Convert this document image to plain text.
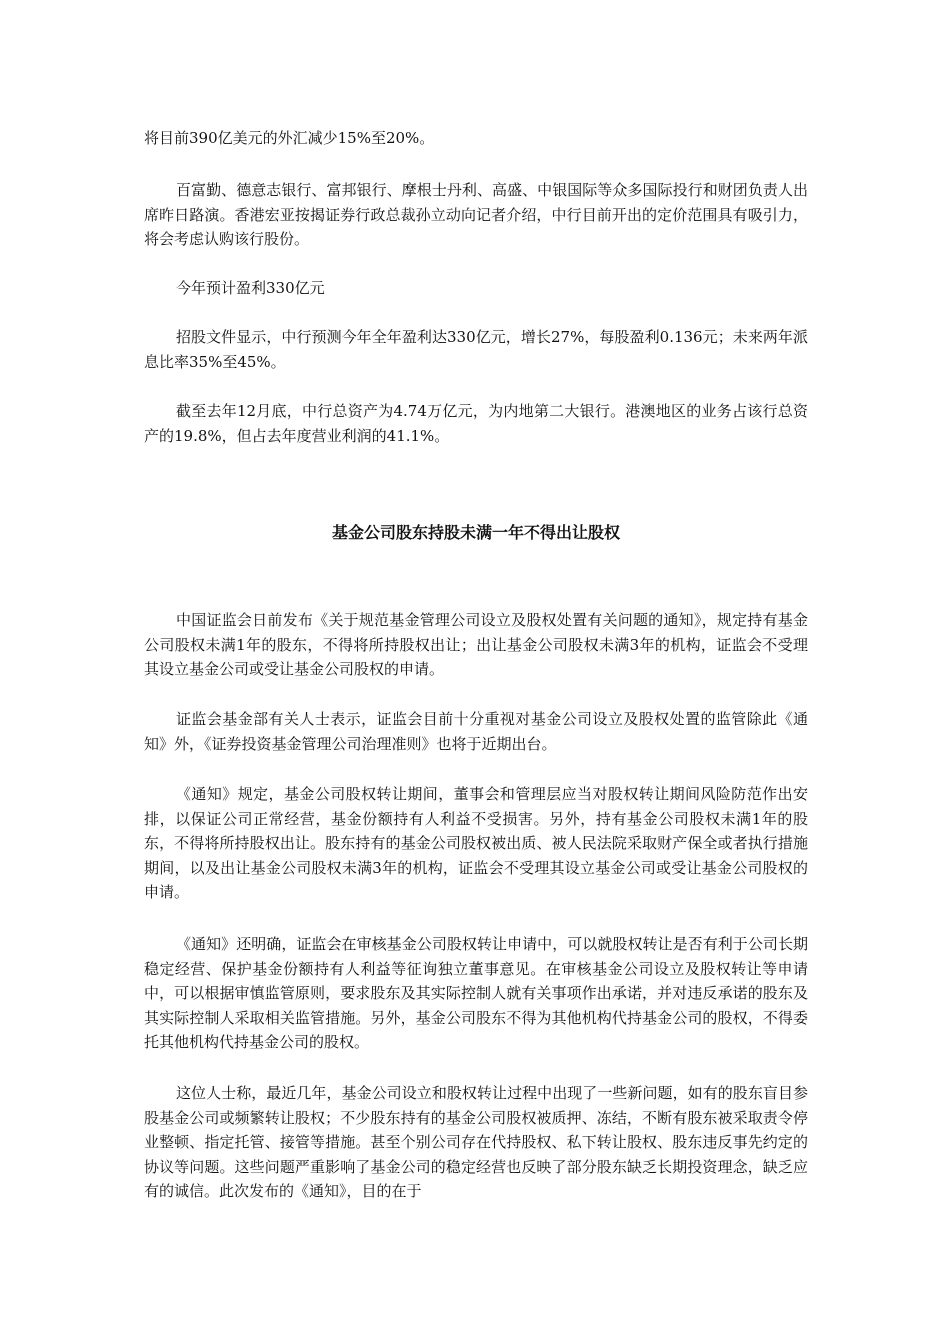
将目前390亿美元的外汇减少15%至20%。

百富勤、德意志银行、富邦银行、摩根士丹利、高盛、中银国际等众多国际投行和财团负责人出席昨日路演。香港宏亚按揭证券行政总裁孙立动向记者介绍，中行目前开出的定价范围具有吸引力，将会考虑认购该行股份。

今年预计盈利330亿元

招股文件显示，中行预测今年全年盈利达330亿元，增长27%，每股盈利0.136元；未来两年派息比率35%至45%。

截至去年12月底，中行总资产为4.74万亿元，为内地第二大银行。港澳地区的业务占该行总资产的19.8%，但占去年度营业利润的41.1%。

基金公司股东持股未满一年不得出让股权

中国证监会日前发布《关于规范基金管理公司设立及股权处置有关问题的通知》，规定持有基金公司股权未满1年的股东，不得将所持股权出让；出让基金公司股权未满3年的机构，证监会不受理其设立基金公司或受让基金公司股权的申请。

证监会基金部有关人士表示，证监会目前十分重视对基金公司设立及股权处置的监管除此《通知》外，《证券投资基金管理公司治理准则》也将于近期出台。

《通知》规定，基金公司股权转让期间，董事会和管理层应当对股权转让期间风险防范作出安排，以保证公司正常经营，基金份额持有人利益不受损害。另外，持有基金公司股权未满1年的股东，不得将所持股权出让。股东持有的基金公司股权被出质、被人民法院采取财产保全或者执行措施期间，以及出让基金公司股权未满3年的机构，证监会不受理其设立基金公司或受让基金公司股权的申请。

《通知》还明确，证监会在审核基金公司股权转让申请中，可以就股权转让是否有利于公司长期稳定经营、保护基金份额持有人利益等征询独立董事意见。在审核基金公司设立及股权转让等申请中，可以根据审慎监管原则，要求股东及其实际控制人就有关事项作出承诺，并对违反承诺的股东及其实际控制人采取相关监管措施。另外，基金公司股东不得为其他机构代持基金公司的股权，不得委托其他机构代持基金公司的股权。

这位人士称，最近几年，基金公司设立和股权转让过程中出现了一些新问题，如有的股东盲目参股基金公司或频繁转让股权；不少股东持有的基金公司股权被质押、冻结，不断有股东被采取责令停业整顿、指定托管、接管等措施。甚至个别公司存在代持股权、私下转让股权、股东违反事先约定的协议等问题。这些问题严重影响了基金公司的稳定经营也反映了部分股东缺乏长期投资理念，缺乏应有的诚信。此次发布的《通知》，目的在于
